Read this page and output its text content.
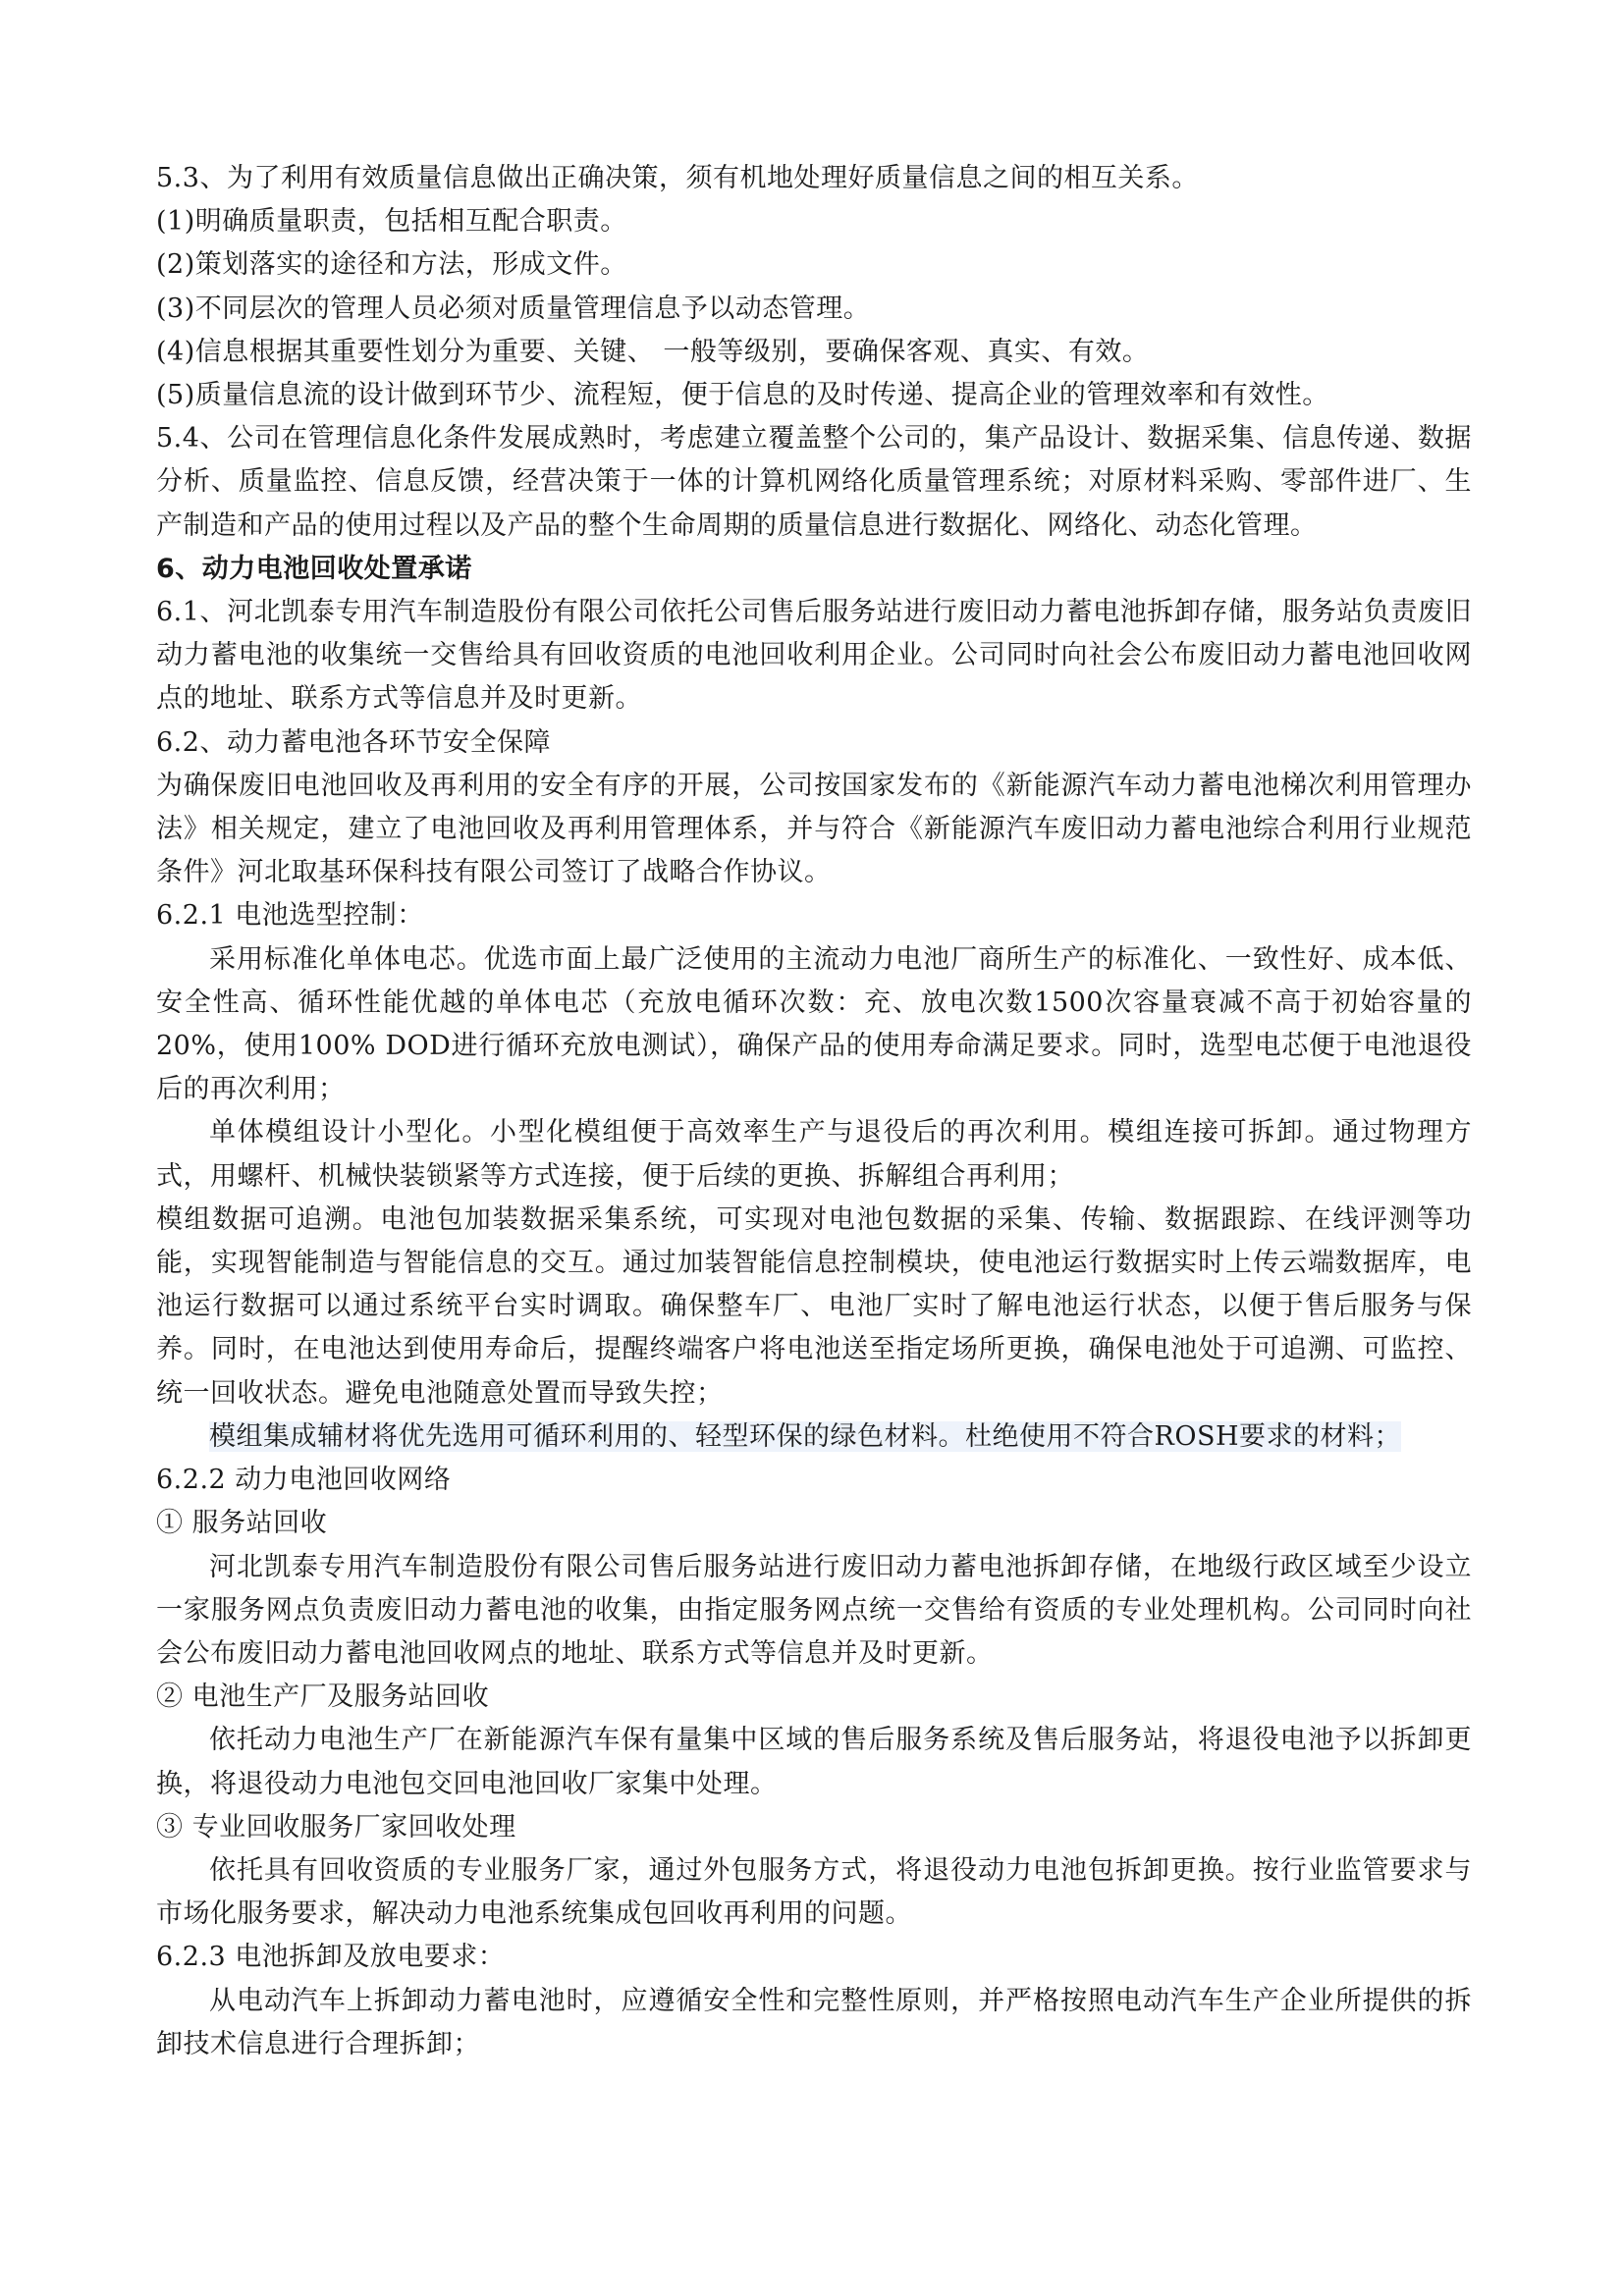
5.3、为了利用有效质量信息做出正确决策，须有机地处理好质量信息之间的相互关系。

(1)明确质量职责，包括相互配合职责。

(2)策划落实的途径和方法，形成文件。

(3)不同层次的管理人员必须对质量管理信息予以动态管理。

(4)信息根据其重要性划分为重要、关键、 一般等级别，要确保客观、真实、有效。

(5)质量信息流的设计做到环节少、流程短，便于信息的及时传递、提高企业的管理效率和有效性。

5.4、公司在管理信息化条件发展成熟时，考虑建立覆盖整个公司的，集产品设计、数据采集、信息传递、数据分析、质量监控、信息反馈，经营决策于一体的计算机网络化质量管理系统；对原材料采购、零部件进厂、生产制造和产品的使用过程以及产品的整个生命周期的质量信息进行数据化、网络化、动态化管理。

6、动力电池回收处置承诺

6.1、河北凯泰专用汽车制造股份有限公司依托公司售后服务站进行废旧动力蓄电池拆卸存储，服务站负责废旧动力蓄电池的收集统一交售给具有回收资质的电池回收利用企业。公司同时向社会公布废旧动力蓄电池回收网点的地址、联系方式等信息并及时更新。

6.2、动力蓄电池各环节安全保障

为确保废旧电池回收及再利用的安全有序的开展，公司按国家发布的《新能源汽车动力蓄电池梯次利用管理办法》相关规定，建立了电池回收及再利用管理体系，并与符合《新能源汽车废旧动力蓄电池综合利用行业规范条件》河北取基环保科技有限公司签订了战略合作协议。

6.2.1 电池选型控制：

采用标准化单体电芯。优选市面上最广泛使用的主流动力电池厂商所生产的标准化、一致性好、成本低、安全性高、循环性能优越的单体电芯（充放电循环次数：充、放电次数1500次容量衰减不高于初始容量的20%，使用100% DOD进行循环充放电测试），确保产品的使用寿命满足要求。同时，选型电芯便于电池退役后的再次利用；

单体模组设计小型化。小型化模组便于高效率生产与退役后的再次利用。模组连接可拆卸。通过物理方式，用螺杆、机械快装锁紧等方式连接，便于后续的更换、拆解组合再利用；

模组数据可追溯。电池包加装数据采集系统，可实现对电池包数据的采集、传输、数据跟踪、在线评测等功能，实现智能制造与智能信息的交互。通过加装智能信息控制模块，使电池运行数据实时上传云端数据库，电池运行数据可以通过系统平台实时调取。确保整车厂、电池厂实时了解电池运行状态，以便于售后服务与保养。同时，在电池达到使用寿命后，提醒终端客户将电池送至指定场所更换，确保电池处于可追溯、可监控、统一回收状态。避免电池随意处置而导致失控；

模组集成辅材将优先选用可循环利用的、轻型环保的绿色材料。杜绝使用不符合ROSH要求的材料；

6.2.2 动力电池回收网络

① 服务站回收

河北凯泰专用汽车制造股份有限公司售后服务站进行废旧动力蓄电池拆卸存储，在地级行政区域至少设立一家服务网点负责废旧动力蓄电池的收集，由指定服务网点统一交售给有资质的专业处理机构。公司同时向社会公布废旧动力蓄电池回收网点的地址、联系方式等信息并及时更新。

② 电池生产厂及服务站回收

依托动力电池生产厂在新能源汽车保有量集中区域的售后服务系统及售后服务站，将退役电池予以拆卸更换，将退役动力电池包交回电池回收厂家集中处理。

③ 专业回收服务厂家回收处理

依托具有回收资质的专业服务厂家，通过外包服务方式，将退役动力电池包拆卸更换。按行业监管要求与市场化服务要求，解决动力电池系统集成包回收再利用的问题。

6.2.3 电池拆卸及放电要求：

从电动汽车上拆卸动力蓄电池时，应遵循安全性和完整性原则，并严格按照电动汽车生产企业所提供的拆卸技术信息进行合理拆卸；
